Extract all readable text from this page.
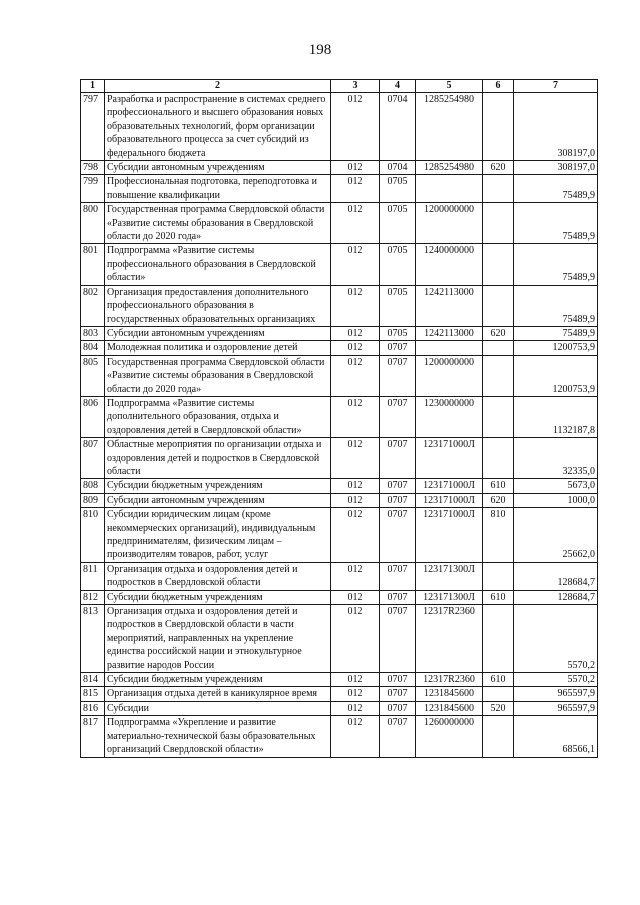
198
1	2	3	4	5	6	7
797	Разработка и распространение в системах среднего профессионального и высшего образования новых образовательных технологий, форм организации образовательного процесса за счет субсидий из федерального бюджета	012	0704	1285254980		308197,0
798	Субсидии автономным учреждениям	012	0704	1285254980	620	308197,0
799	Профессиональная подготовка, переподготовка и повышение квалификации	012	0705			75489,9
800	Государственная программа Свердловской области «Развитие системы образования в Свердловской области до 2020 года»	012	0705	1200000000		75489,9
801	Подпрограмма «Развитие системы профессионального образования в Свердловской области»	012	0705	1240000000		75489,9
802	Организация предоставления дополнительного профессионального образования в государственных образовательных организациях	012	0705	1242113000		75489,9
803	Субсидии автономным учреждениям	012	0705	1242113000	620	75489,9
804	Молодежная политика и оздоровление детей	012	0707			1200753,9
805	Государственная программа Свердловской области «Развитие системы образования в Свердловской области до 2020 года»	012	0707	1200000000		1200753,9
806	Подпрограмма «Развитие системы дополнительного образования, отдыха и оздоровления детей в Свердловской области»	012	0707	1230000000		1132187,8
807	Областные мероприятия по организации отдыха и оздоровления детей и подростков в Свердловской области	012	0707	123171000Л		32335,0
808	Субсидии бюджетным учреждениям	012	0707	123171000Л	610	5673,0
809	Субсидии автономным учреждениям	012	0707	123171000Л	620	1000,0
810	Субсидии юридическим лицам (кроме некоммерческих организаций), индивидуальным предпринимателям, физическим лицам – производителям товаров, работ, услуг	012	0707	123171000Л	810	25662,0
811	Организация отдыха и оздоровления детей и подростков в Свердловской области	012	0707	123171300Л		128684,7
812	Субсидии бюджетным учреждениям	012	0707	123171300Л	610	128684,7
813	Организация отдыха и оздоровления детей и подростков в Свердловской области в части мероприятий, направленных на укрепление единства российской нации и этнокультурное развитие народов России	012	0707	12317R2360		5570,2
814	Субсидии бюджетным учреждениям	012	0707	12317R2360	610	5570,2
815	Организация отдыха детей в каникулярное время	012	0707	1231845600		965597,9
816	Субсидии	012	0707	1231845600	520	965597,9
817	Подпрограмма «Укрепление и развитие материально-технической базы образовательных организаций Свердловской области»	012	0707	1260000000		68566,1
